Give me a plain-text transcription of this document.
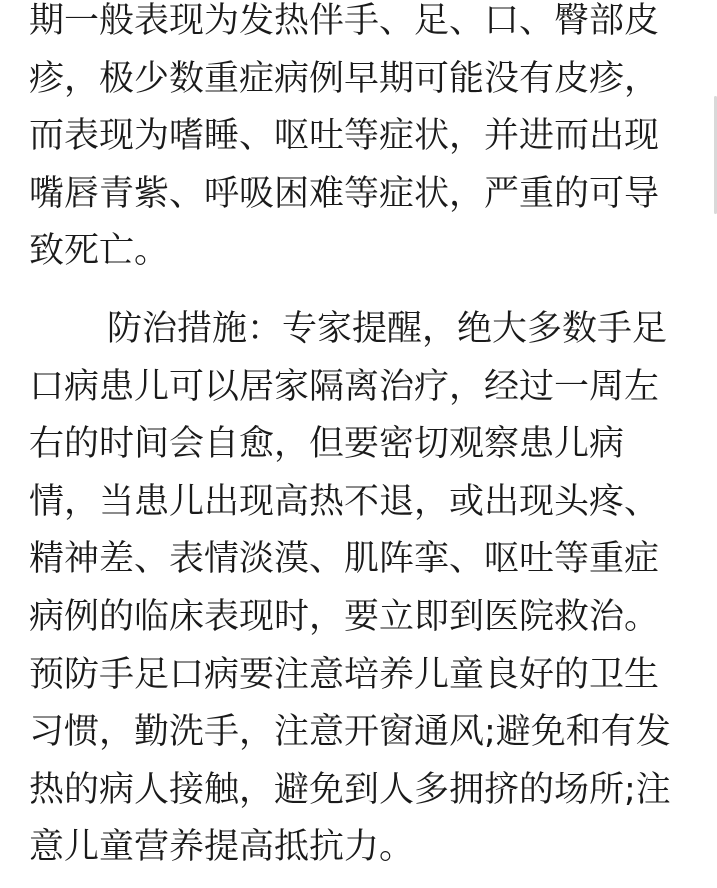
期一般表现为发热伴手、足、口、臀部皮
疹，极少数重症病例早期可能没有皮疹，
而表现为嗜睡、呕吐等症状，并进而出现
嘴唇青紫、呼吸困难等症状，严重的可导
致死亡。
防治措施：专家提醒，绝大多数手足
口病患儿可以居家隔离治疗，经过一周左
右的时间会自愈，但要密切观察患儿病
情，当患儿出现高热不退，或出现头疼、
精神差、表情淡漠、肌阵挛、呕吐等重症
病例的临床表现时，要立即到医院救治。
预防手足口病要注意培养儿童良好的卫生
习惯，勤洗手，注意开窗通风;避免和有发
热的病人接触，避免到人多拥挤的场所;注
意儿童营养提高抵抗力。
